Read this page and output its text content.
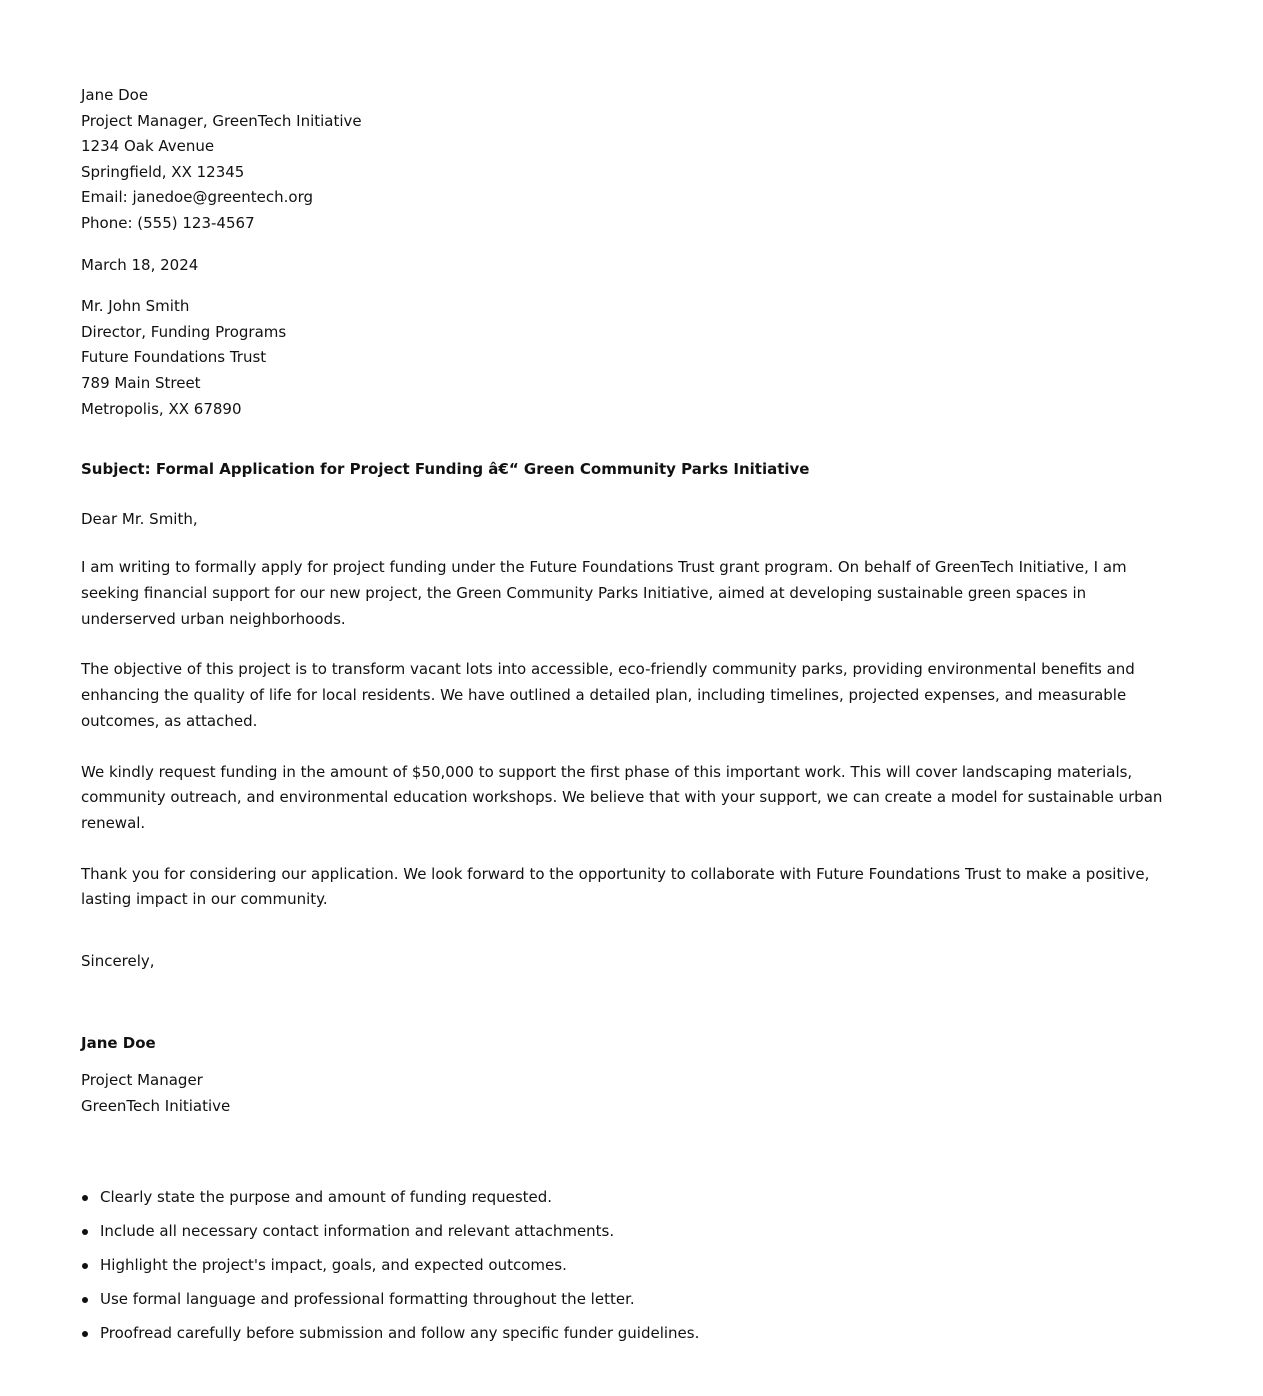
Jane Doe
Project Manager, GreenTech Initiative
1234 Oak Avenue
Springfield, XX 12345
Email: janedoe@greentech.org
Phone: (555) 123-4567
March 18, 2024
Mr. John Smith
Director, Funding Programs
Future Foundations Trust
789 Main Street
Metropolis, XX 67890
Subject: Formal Application for Project Funding â€“ Green Community Parks Initiative
Dear Mr. Smith,

I am writing to formally apply for project funding under the Future Foundations Trust grant program. On behalf of GreenTech Initiative, I am seeking financial support for our new project, the Green Community Parks Initiative, aimed at developing sustainable green spaces in underserved urban neighborhoods.

The objective of this project is to transform vacant lots into accessible, eco-friendly community parks, providing environmental benefits and enhancing the quality of life for local residents. We have outlined a detailed plan, including timelines, projected expenses, and measurable outcomes, as attached.

We kindly request funding in the amount of $50,000 to support the first phase of this important work. This will cover landscaping materials, community outreach, and environmental education workshops. We believe that with your support, we can create a model for sustainable urban renewal.

Thank you for considering our application. We look forward to the opportunity to collaborate with Future Foundations Trust to make a positive, lasting impact in our community.

Sincerely,
Jane Doe
Project Manager
GreenTech Initiative
Clearly state the purpose and amount of funding requested.
Include all necessary contact information and relevant attachments.
Highlight the project's impact, goals, and expected outcomes.
Use formal language and professional formatting throughout the letter.
Proofread carefully before submission and follow any specific funder guidelines.
